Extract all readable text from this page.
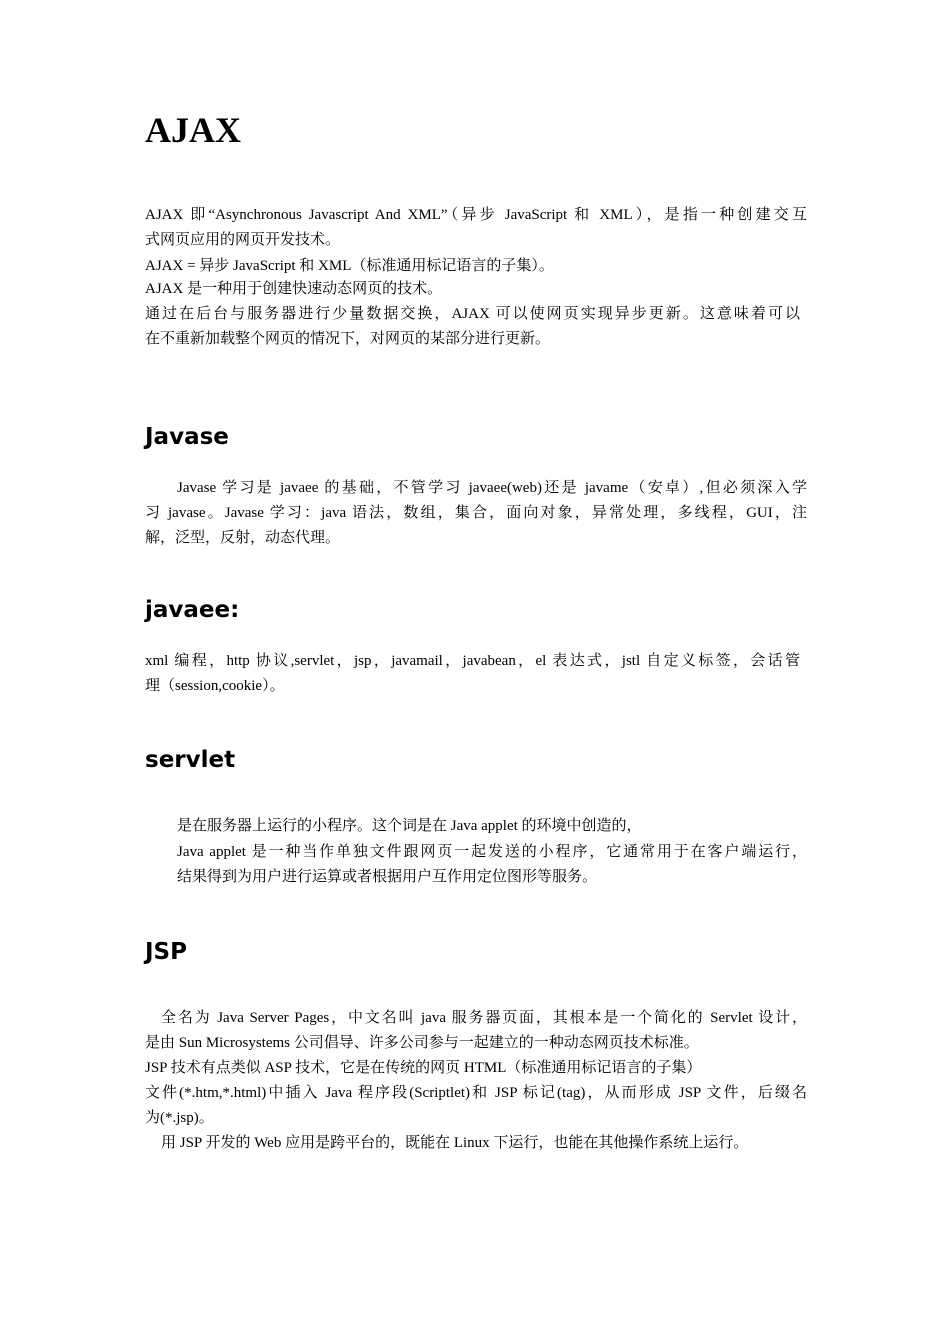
AJAX

AJAX 即“Asynchronous Javascript And XML”（异步 JavaScript 和 XML），是指一种创建交互

式网页应用的网页开发技术。

AJAX = 异步 JavaScript 和 XML（标准通用标记语言的子集）。

AJAX 是一种用于创建快速动态网页的技术。

通过在后台与服务器进行少量数据交换，AJAX 可以使网页实现异步更新。这意味着可以

在不重新加载整个网页的情况下，对网页的某部分进行更新。

Javase

Javase 学习是 javaee 的基础，不管学习 javaee(web)还是 javame（安卓）,但必须深入学

习 javase。Javase 学习：java 语法，数组，集合，面向对象，异常处理，多线程，GUI，注

解，泛型，反射，动态代理。

javaee:

xml 编程，http 协议,servlet，jsp，javamail，javabean，el 表达式，jstl 自定义标签，会话管

理（session,cookie）。

servlet

是在服务器上运行的小程序。这个词是在 Java applet 的环境中创造的，

Java applet 是一种当作单独文件跟网页一起发送的小程序，它通常用于在客户端运行，

结果得到为用户进行运算或者根据用户互作用定位图形等服务。

JSP

全名为 Java Server Pages，中文名叫 java 服务器页面，其根本是一个简化的 Servlet 设计，

是由 Sun Microsystems 公司倡导、许多公司参与一起建立的一种动态网页技术标准。

JSP 技术有点类似 ASP 技术，它是在传统的网页 HTML（标准通用标记语言的子集）

文件(*.htm,*.html)中插入 Java 程序段(Scriptlet)和 JSP 标记(tag)，从而形成 JSP 文件，后缀名

为(*.jsp)。

用 JSP 开发的 Web 应用是跨平台的，既能在 Linux 下运行，也能在其他操作系统上运行。
